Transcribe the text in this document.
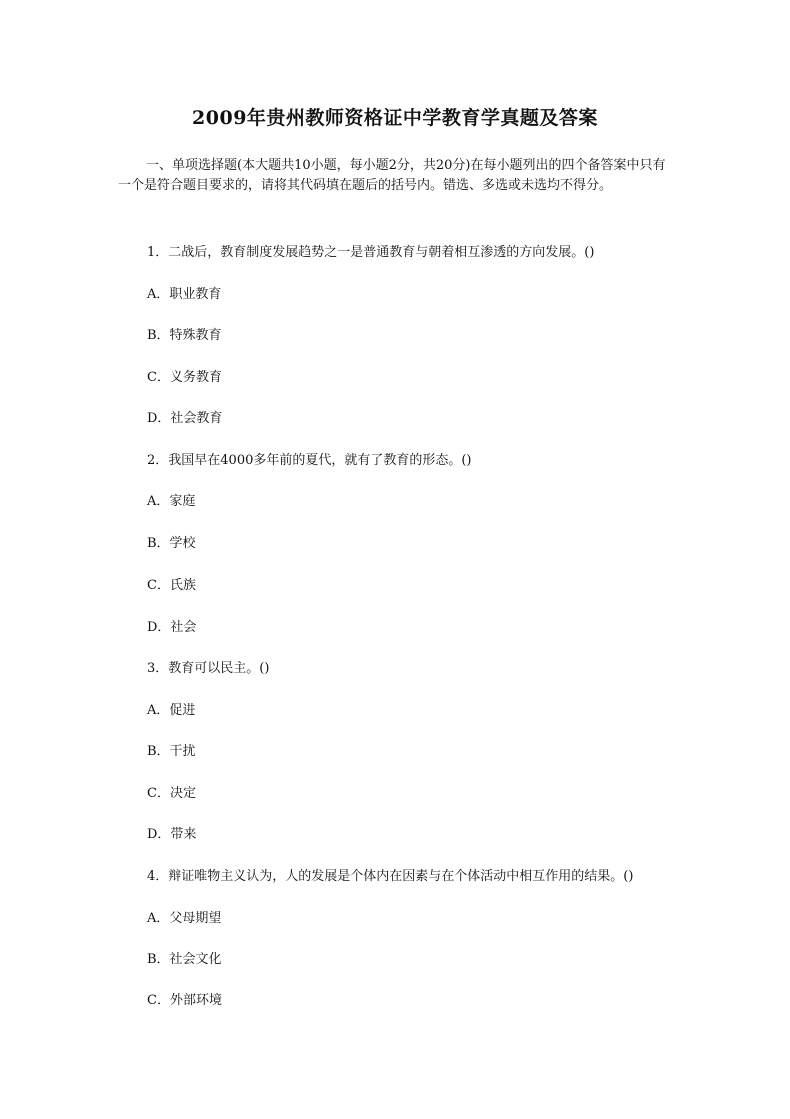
2009年贵州教师资格证中学教育学真题及答案
一、单项选择题(本大题共10小题，每小题2分，共20分)在每小题列出的四个备答案中只有一个是符合题目要求的，请将其代码填在题后的括号内。错选、多选或未选均不得分。
1．二战后，教育制度发展趋势之一是普通教育与朝着相互渗透的方向发展。()
A．职业教育
B．特殊教育
C．义务教育
D．社会教育
2．我国早在4000多年前的夏代，就有了教育的形态。()
A．家庭
B．学校
C．氏族
D．社会
3．教育可以民主。()
A．促进
B．干扰
C．决定
D．带来
4．辩证唯物主义认为，人的发展是个体内在因素与在个体活动中相互作用的结果。()
A．父母期望
B．社会文化
C．外部环境
